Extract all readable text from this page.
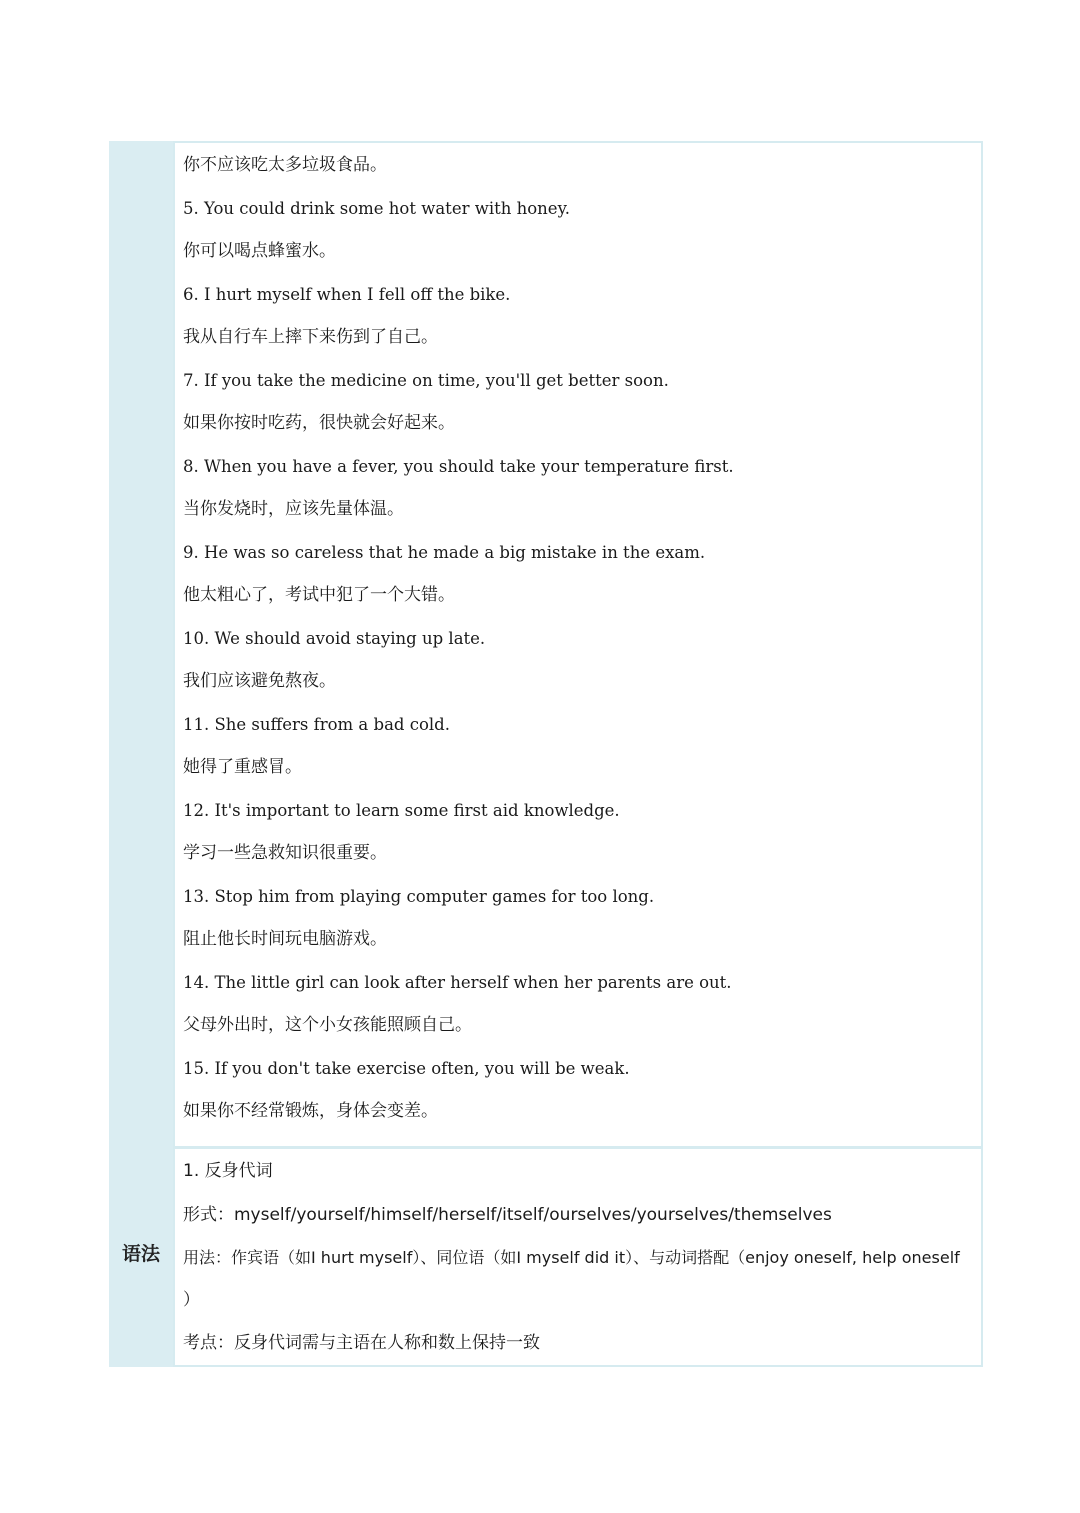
语法
你不应该吃太多垃圾食品。
5. You could drink some hot water with honey.
你可以喝点蜂蜜水。
6. I hurt myself when I fell off the bike.
我从自行车上摔下来伤到了自己。
7. If you take the medicine on time, you'll get better soon.
如果你按时吃药，很快就会好起来。
8. When you have a fever, you should take your temperature first.
当你发烧时，应该先量体温。
9. He was so careless that he made a big mistake in the exam.
他太粗心了，考试中犯了一个大错。
10. We should avoid staying up late.
我们应该避免熬夜。
11. She suffers from a bad cold.
她得了重感冒。
12. It's important to learn some first aid knowledge.
学习一些急救知识很重要。
13. Stop him from playing computer games for too long.
阻止他长时间玩电脑游戏。
14. The little girl can look after herself when her parents are out.
父母外出时，这个小女孩能照顾自己。
15. If you don't take exercise often, you will be weak.
如果你不经常锻炼，身体会变差。
1. 反身代词
形式：myself/yourself/himself/herself/itself/ourselves/yourselves/themselves
用法：作宾语（如I hurt myself）、同位语（如I myself did it）、与动词搭配（enjoy oneself, help oneself
）
考点：反身代词需与主语在人称和数上保持一致
